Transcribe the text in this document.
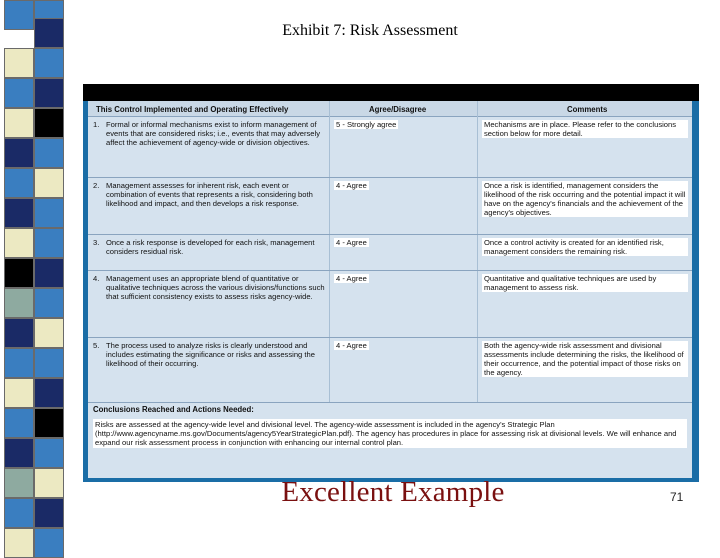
Exhibit 7: Risk Assessment
This Control Implemented and Operating Effectively	Agree/Disagree	Comments
1. Formal or informal mechanisms exist to inform management of events that are considered risks; i.e., events that may adversely affect the achievement of agency-wide or division objectives.
5 - Strongly agree	Mechanisms are in place. Please refer to the conclusions section below for more detail.
2. Management assesses for inherent risk, each event or combination of events that represents a risk, considering both likelihood and impact, and then develops a risk response.
4 - Agree	Once a risk is identified, management considers the likelihood of the risk occurring and the potential impact it will have on the agency's financials and the achievement of the agency's objectives.
3. Once a risk response is developed for each risk, management considers residual risk.
4 - Agree	Once a control activity is created for an identified risk, management considers the remaining risk.
4. Management uses an appropriate blend of quantitative or qualitative techniques across the various divisions/functions such that sufficient consistency exists to assess risks agency-wide.
4 - Agree	Quantitative and qualitative techniques are used by management to assess risk.
5. The process used to analyze risks is clearly understood and includes estimating the significance or risks and assessing the likelihood of their occurring.
4 - Agree	Both the agency-wide risk assessment and divisional assessments include determining the risks, the likelihood of their occurrence, and the potential impact of those risks on the agency.
Conclusions Reached and Actions Needed:
Risks are assessed at the agency-wide level and divisional level. The agency-wide assessment is included in the agency's Strategic Plan (http://www.agencyname.ms.gov/Documents/agency5YearStrategicPlan.pdf). The agency has procedures in place for assessing risk at divisional levels. We will enhance and expand our risk assessment process in conjunction with enhancing our internal control plan.
Excellent Example	71
